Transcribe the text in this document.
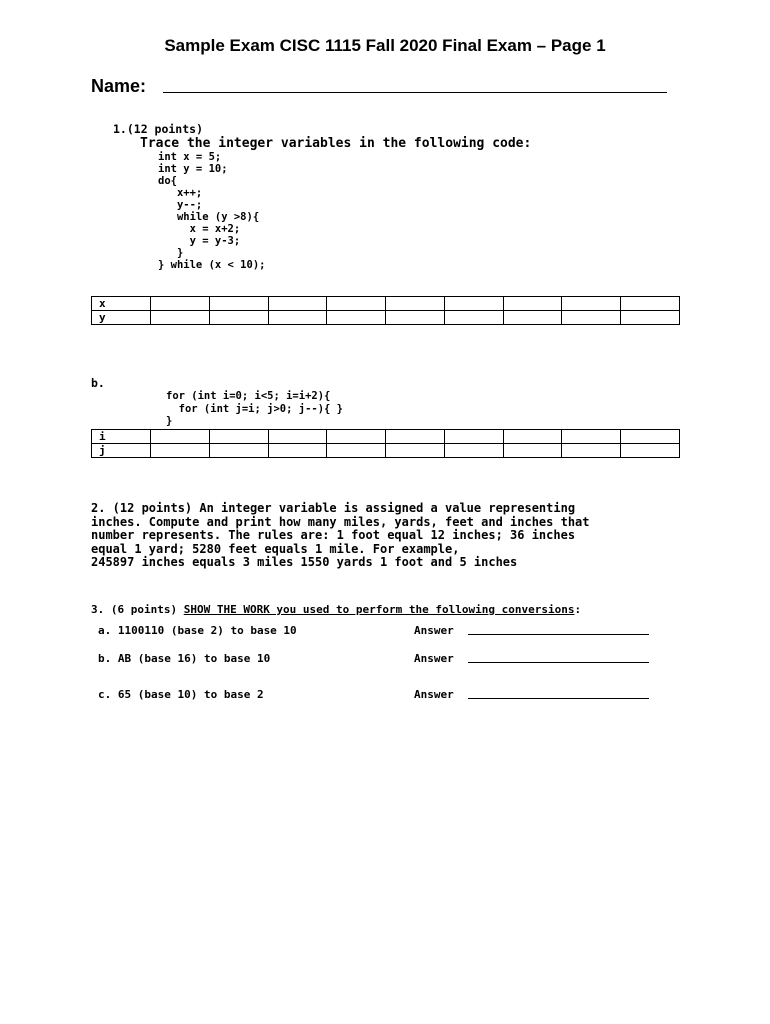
Sample Exam CISC 1115 Fall 2020 Final Exam – Page 1
Name:
1.(12 points)
Trace the integer variables in the following code:
int x = 5;
int y = 10;
do{
x++;
y--;
while (y >8){
x = x+2;
y = y-3;
}
} while (x < 10);
x									
y									
b.
for (int i=0; i<5; i=i+2){
for (int j=i; j>0; j--){ }
}
i									
j									
2. (12 points) An integer variable is assigned a value representing
inches. Compute and print how many miles, yards, feet and inches that
number represents. The rules are: 1 foot equal 12 inches; 36 inches
equal 1 yard; 5280 feet equals 1 mile. For example,
245897 inches equals 3 miles 1550 yards 1 foot and 5 inches
3. (6 points) SHOW THE WORK you used to perform the following conversions:
a. 1100110 (base 2) to base 10	Answer
b. AB (base 16) to base 10	Answer
c. 65 (base 10) to base 2	Answer
